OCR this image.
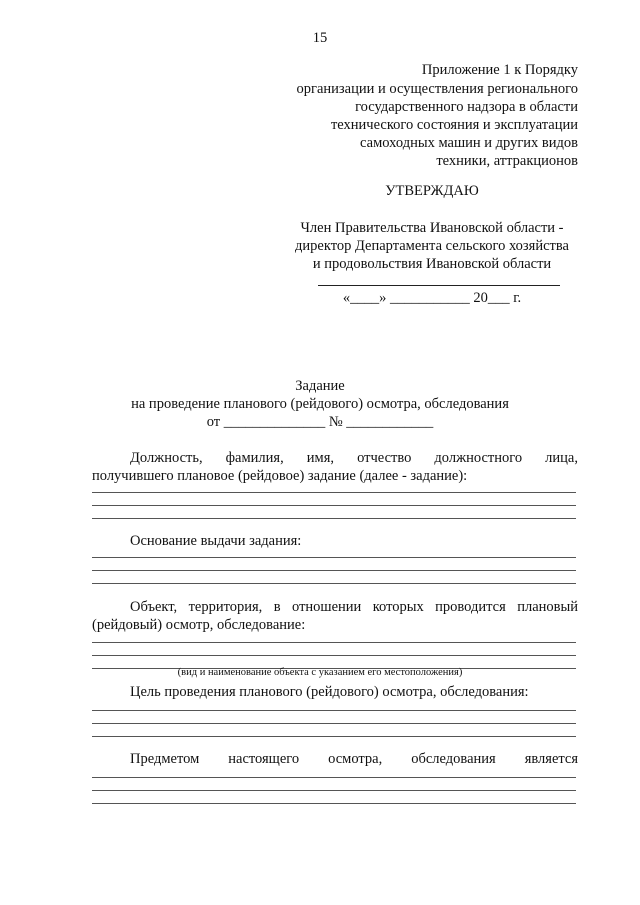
15
Приложение 1 к Порядку
организации и осуществления регионального
государственного надзора в области
технического состояния и эксплуатации
самоходных машин и других видов
техники, аттракционов
УТВЕРЖДАЮ
Член Правительства Ивановской области -
директор Департамента сельского хозяйства
и продовольствия Ивановской области
«____» ___________ 20___ г.
Задание
на проведение планового (рейдового) осмотра, обследования
от ______________ № ____________
Должность, фамилия, имя, отчество должностного лица,
получившего плановое (рейдовое) задание (далее - задание):
Основание выдачи задания:
Объект, территория, в отношении которых проводится плановый
(рейдовый) осмотр, обследование:
(вид и наименование объекта с указанием его местоположения)
Цель проведения планового (рейдового) осмотра, обследования:
Предметом настоящего осмотра, обследования является
